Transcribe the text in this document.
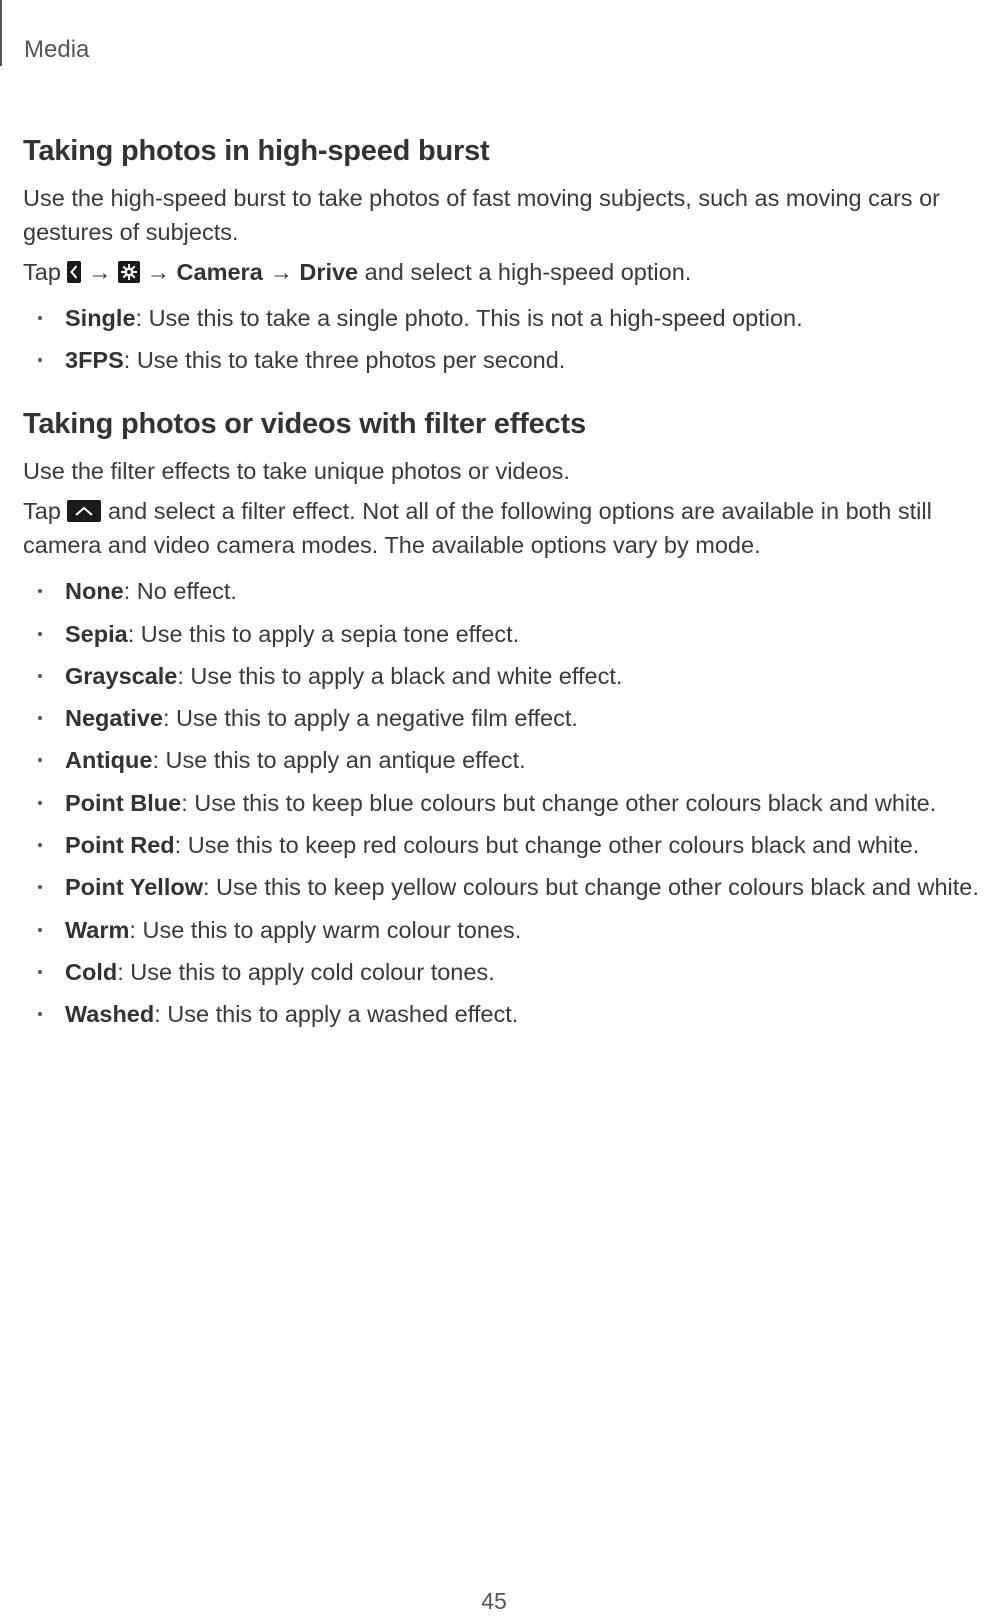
Media
Taking photos in high-speed burst

Use the high-speed burst to take photos of fast moving subjects, such as moving cars or gestures of subjects.

Tap → → Camera → Drive and select a high-speed option.

Single: Use this to take a single photo. This is not a high-speed option.
3FPS: Use this to take three photos per second.
Taking photos or videos with filter effects

Use the filter effects to take unique photos or videos.

Tap and select a filter effect. Not all of the following options are available in both still
camera and video camera modes. The available options vary by mode.

None: No effect.
Sepia: Use this to apply a sepia tone effect.
Grayscale: Use this to apply a black and white effect.
Negative: Use this to apply a negative film effect.
Antique: Use this to apply an antique effect.
Point Blue: Use this to keep blue colours but change other colours black and white.
Point Red: Use this to keep red colours but change other colours black and white.
Point Yellow: Use this to keep yellow colours but change other colours black and white.
Warm: Use this to apply warm colour tones.
Cold: Use this to apply cold colour tones.
Washed: Use this to apply a washed effect.
45
